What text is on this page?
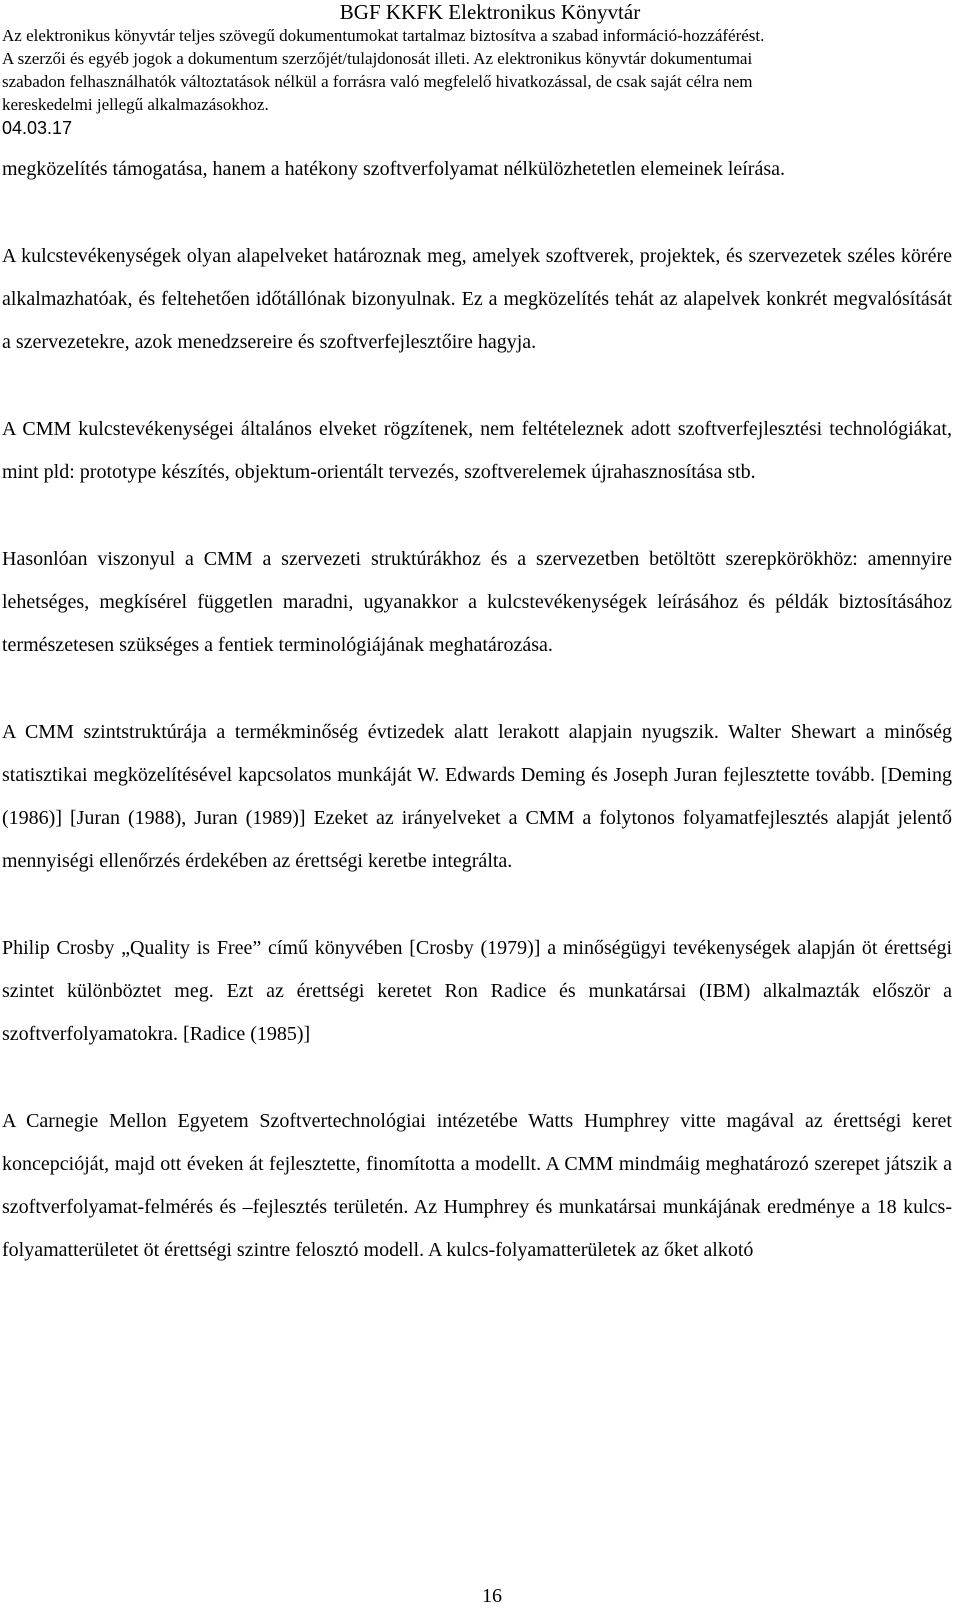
BGF KKFK Elektronikus Könyvtár
Az elektronikus könyvtár teljes szövegű dokumentumokat tartalmaz biztosítva a szabad információ-hozzáférést.
A szerzői és egyéb jogok a dokumentum szerzőjét/tulajdonosát illeti. Az elektronikus könyvtár dokumentumai
szabadon felhasználhatók változtatások nélkül a forrásra való megfelelő hivatkozással, de csak saját célra nem
kereskedelmi jellegű alkalmazásokhoz.
04.03.17

megközelítés támogatása, hanem a hatékony szoftverfolyamat nélkülözhetetlen elemeinek leírása.

A kulcstevékenységek olyan alapelveket határoznak meg, amelyek szoftverek, projektek, és szervezetek széles körére alkalmazhatóak, és feltehetően időtállónak bizonyulnak. Ez a megközelítés tehát az alapelvek konkrét megvalósítását a szervezetekre, azok menedzsereire és szoftverfejlesztőire hagyja.

A CMM kulcstevékenységei általános elveket rögzítenek, nem feltételeznek adott szoftverfejlesztési technológiákat, mint pld: prototype készítés, objektum-orientált tervezés, szoftverelemek újrahasznosítása stb.

Hasonlóan viszonyul a CMM a szervezeti struktúrákhoz és a szervezetben betöltött szerepkörökhöz: amennyire lehetséges, megkísérel független maradni, ugyanakkor a kulcstevékenységek leírásához és példák biztosításához természetesen szükséges a fentiek terminológiájának meghatározása.

A CMM szintstruktúrája a termékminőség évtizedek alatt lerakott alapjain nyugszik. Walter Shewart a minőség statisztikai megközelítésével kapcsolatos munkáját W. Edwards Deming és Joseph Juran fejlesztette tovább. [Deming (1986)] [Juran (1988), Juran (1989)] Ezeket az irányelveket a CMM a folytonos folyamatfejlesztés alapját jelentő mennyiségi ellenőrzés érdekében az érettségi keretbe integrálta.

Philip Crosby „Quality is Free” című könyvében [Crosby (1979)] a minőségügyi tevékenységek alapján öt érettségi szintet különböztet meg. Ezt az érettségi keretet Ron Radice és munkatársai (IBM) alkalmazták először a szoftverfolyamatokra. [Radice (1985)]

A Carnegie Mellon Egyetem Szoftvertechnológiai intézetébe Watts Humphrey vitte magával az érettségi keret koncepcióját, majd ott éveken át fejlesztette, finomította a modellt. A CMM mindmáig meghatározó szerepet játszik a szoftverfolyamat-felmérés és –fejlesztés területén. Az Humphrey és munkatársai munkájának eredménye a 18 kulcs-folyamatterületet öt érettségi szintre felosztó modell. A kulcs-folyamatterületek az őket alkotó

16
